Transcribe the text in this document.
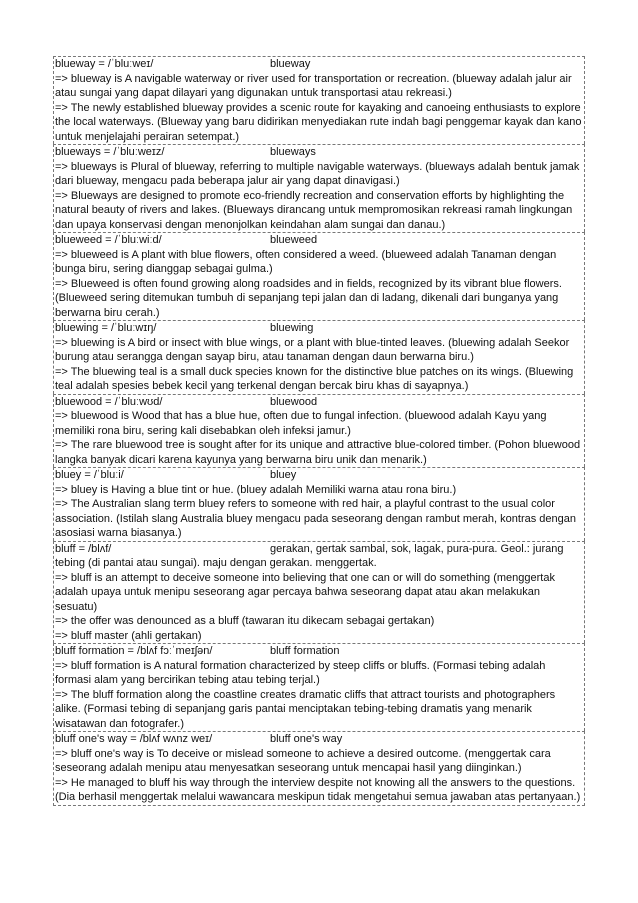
blueway = /ˈbluːweɪ/	blueway
=> blueway is A navigable waterway or river used for transportation or recreation. (blueway adalah jalur air atau sungai yang dapat dilayari yang digunakan untuk transportasi atau rekreasi.)
=> The newly established blueway provides a scenic route for kayaking and canoeing enthusiasts to explore the local waterways. (Blueway yang baru didirikan menyediakan rute indah bagi penggemar kayak dan kano untuk menjelajahi perairan setempat.)
blueways = /ˈbluːweɪz/	blueways
=> blueways is Plural of blueway, referring to multiple navigable waterways. (blueways adalah bentuk jamak dari blueway, mengacu pada beberapa jalur air yang dapat dinavigasi.)
=> Blueways are designed to promote eco-friendly recreation and conservation efforts by highlighting the natural beauty of rivers and lakes. (Blueways dirancang untuk mempromosikan rekreasi ramah lingkungan dan upaya konservasi dengan menonjolkan keindahan alam sungai dan danau.)
blueweed = /ˈbluːwiːd/	blueweed
=> blueweed is A plant with blue flowers, often considered a weed. (blueweed adalah Tanaman dengan bunga biru, sering dianggap sebagai gulma.)
=> Blueweed is often found growing along roadsides and in fields, recognized by its vibrant blue flowers. (Blueweed sering ditemukan tumbuh di sepanjang tepi jalan dan di ladang, dikenali dari bunganya yang berwarna biru cerah.)
bluewing = /ˈbluːwɪŋ/	bluewing
=> bluewing is A bird or insect with blue wings, or a plant with blue-tinted leaves. (bluewing adalah Seekor burung atau serangga dengan sayap biru, atau tanaman dengan daun berwarna biru.)
=> The bluewing teal is a small duck species known for the distinctive blue patches on its wings. (Bluewing teal adalah spesies bebek kecil yang terkenal dengan bercak biru khas di sayapnya.)
bluewood = /ˈbluːwʊd/	bluewood
=> bluewood is Wood that has a blue hue, often due to fungal infection. (bluewood adalah Kayu yang memiliki rona biru, sering kali disebabkan oleh infeksi jamur.)
=> The rare bluewood tree is sought after for its unique and attractive blue-colored timber. (Pohon bluewood langka banyak dicari karena kayunya yang berwarna biru unik dan menarik.)
bluey = /ˈbluːi/	bluey
=> bluey is Having a blue tint or hue. (bluey adalah Memiliki warna atau rona biru.)
=> The Australian slang term bluey refers to someone with red hair, a playful contrast to the usual color association. (Istilah slang Australia bluey mengacu pada seseorang dengan rambut merah, kontras dengan asosiasi warna biasanya.)
bluff = /blʌf/	gerakan, gertak sambal, sok, lagak, pura-pura. Geol.: jurang
tebing (di pantai atau sungai). maju dengan gerakan. menggertak.
=> bluff is an attempt to deceive someone into believing that one can or will do something (menggertak adalah upaya untuk menipu seseorang agar percaya bahwa seseorang dapat atau akan melakukan sesuatu)
=> the offer was denounced as a bluff (tawaran itu dikecam sebagai gertakan)
=> bluff master (ahli gertakan)
bluff formation = /blʌf fɔːˈmeɪʃən/	bluff formation
=> bluff formation is A natural formation characterized by steep cliffs or bluffs. (Formasi tebing adalah formasi alam yang bercirikan tebing atau tebing terjal.)
=> The bluff formation along the coastline creates dramatic cliffs that attract tourists and photographers alike. (Formasi tebing di sepanjang garis pantai menciptakan tebing-tebing dramatis yang menarik wisatawan dan fotografer.)
bluff one's way = /blʌf wʌnz weɪ/	bluff one's way
=> bluff one's way is To deceive or mislead someone to achieve a desired outcome. (menggertak cara seseorang adalah menipu atau menyesatkan seseorang untuk mencapai hasil yang diinginkan.)
=> He managed to bluff his way through the interview despite not knowing all the answers to the questions. (Dia berhasil menggertak melalui wawancara meskipun tidak mengetahui semua jawaban atas pertanyaan.)
